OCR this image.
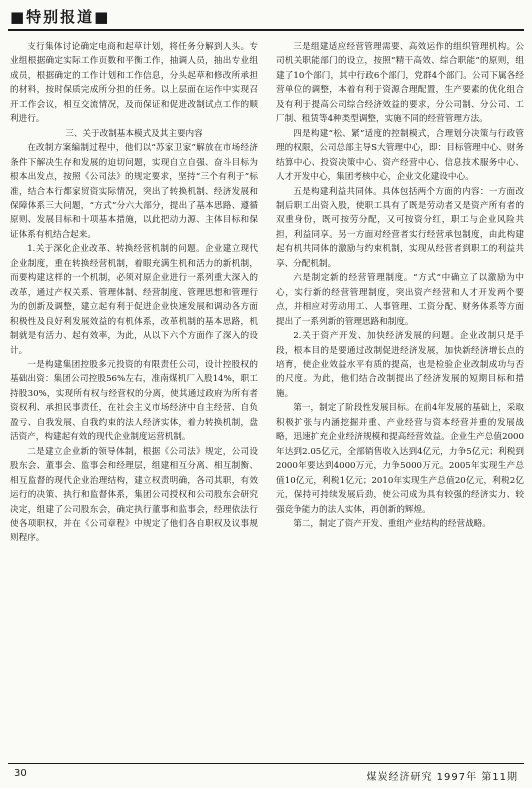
■特别报道■

支行集体讨论确定电商和起草计划，将任务分解到人头。专业组根据确定实际工作页数和平衡工作，抽调人员，抽出专业组成员，根据确定的工作计划和工作信息，分头起草和修改所承担的材料，按时保质完成所分担的任务。以上层面在运作中实现召开工作会议，相互交流情况，及而保证和促进改制试点工作的顺利进行。

三、关于改制基本模式及其主要内容

在改制方案编制过程中，他们以“苏家卫家”解放在市场经济条件下解决生存和发展的迫切问题，实现自立自强、奋斗目标为根本出发点，按照《公司法》的规定要求，坚持“三个有利于”标准，结合本行都家贸资实际情况，突出了转换机制、经济发展和保障体系三大问题，“方式”分六大部分，提出了基本思路、遵循原则、发展目标和十项基本措施，以此把动力源、主体目标和保证体系有机结合起来。

1.关于深化企业改革、转换经营机制的问题。企业建立现代企业制度，重在转换经营机制，着眼充满生机和活力的新机制，而要构建这样的一个机制，必须对原企业进行一系列重大深入的改革，通过产权关系、管理体制、经营制度、管理思想和管理行为的创新及调整，建立起有利于促进企业快速发展和调动各方面积极性及良好利发展效益的有机体系，改革机制的基本思路，机制就是有活力、起有效率，为此，从以下六个方面作了深入的设计。

一是构建集团控股多元投资的有限责任公司，设计控股权的基础出资：集团公司控股56%左右，准南煤机厂入股14%，职工持股30%，实现所有权与经营权的分离，使其通过政府为所有者资权利、承担民事责任，在社会主义市场经济中自主经营、自负盈亏、自我发展、自我约束的法人经济实体，着力转换机制，盘活资产，构建起有效的现代企业制度运营机制。

二是建立企业新的领导体制，根据《公司法》规定，公司设股东会、董事会、监事会和经理层，组建相互分离、相互制衡、相互监督的现代企业治理结构，建立权责明确，各司其职，有效运行的决策、执行和监督体系，集团公司授权和公司股东会研究决定，组建了公司股东会，确定执行董事和监事会，经理依法行使各项职权，并在《公司章程》中规定了他们各自职权及议事规则程序。

三是组建适应经营管理需要、高效运作的组织管理机构。公司机关职能部门的设立，按照“精干高效、综合职能”的原则，组建了10个部门，其中行政6个部门，党群4个部门。公司下属各经营单位的调整，本着有利于资源合理配置，生产要素的优化组合及有利于提高公司综合经济效益的要求，分公司制、分公司、工厂制、租赁等4种类型调整，实施不同的经营管理方法。

四是构建“松、紧”适度的控制模式，合理划分决策与行政管理的权限，公司总部主导S大管理中心，即：目标管理中心、财务结算中心、投资决策中心、资产经营中心、信息技术服务中心、人才开发中心，集团考核中心，企业文化建设中心。

五是构建利益共同体。具体包括两个方面的内容：一方面改制后职工出资入股，使职工具有了既是劳动者又是资产所有者的双重身份，既可按劳分配，又可按资分红，职工与企业风险共担，利益同享。另一方面对经营者实行经营承包制度，由此构建起有机共同体的激励与约束机制，实现从经营者到职工的利益共享、分配机制。

六是制定新的经营管理制度。“方式”中确立了以激励为中心，实行新的经营管理制度，突出资产经营和人才开发两个要点，并相应对劳动用工、人事管理、工资分配、财务体系等方面提出了一系列新的管理思路和制度。

2.关于资产开发、加快经济发展的问题。企业改制只是手段，根本目的是要通过改制促进经济发展，加快新经济增长点的培育，使企业效益水平有质的提高，也是检验企业改制成功与否的尺度。为此，他们结合改制提出了经济发展的短期目标和措施。

第一，制定了阶段性发展目标。在前4年发展的基础上，采取积极扩张与内涵挖掘并重、产业经营与资本经营并重的发展战略，迅速扩充企业经济规模和提高经营效益。企业生产总值2000年达到2.05亿元，全部销售收入达到4亿元，力争5亿元；利税到2000年要达到4000万元，力争5000万元。2005年实现生产总值10亿元，利税1亿元；2010年实现生产总值20亿元，利税2亿元，保持可持续发展后劲，使公司成为具有较强的经济实力、较强竞争能力的法人实体，再创新的辉煌。

第二，制定了资产开发、重组产业结构的经营战略。

30	煤炭经济研究 1997年 第11期
